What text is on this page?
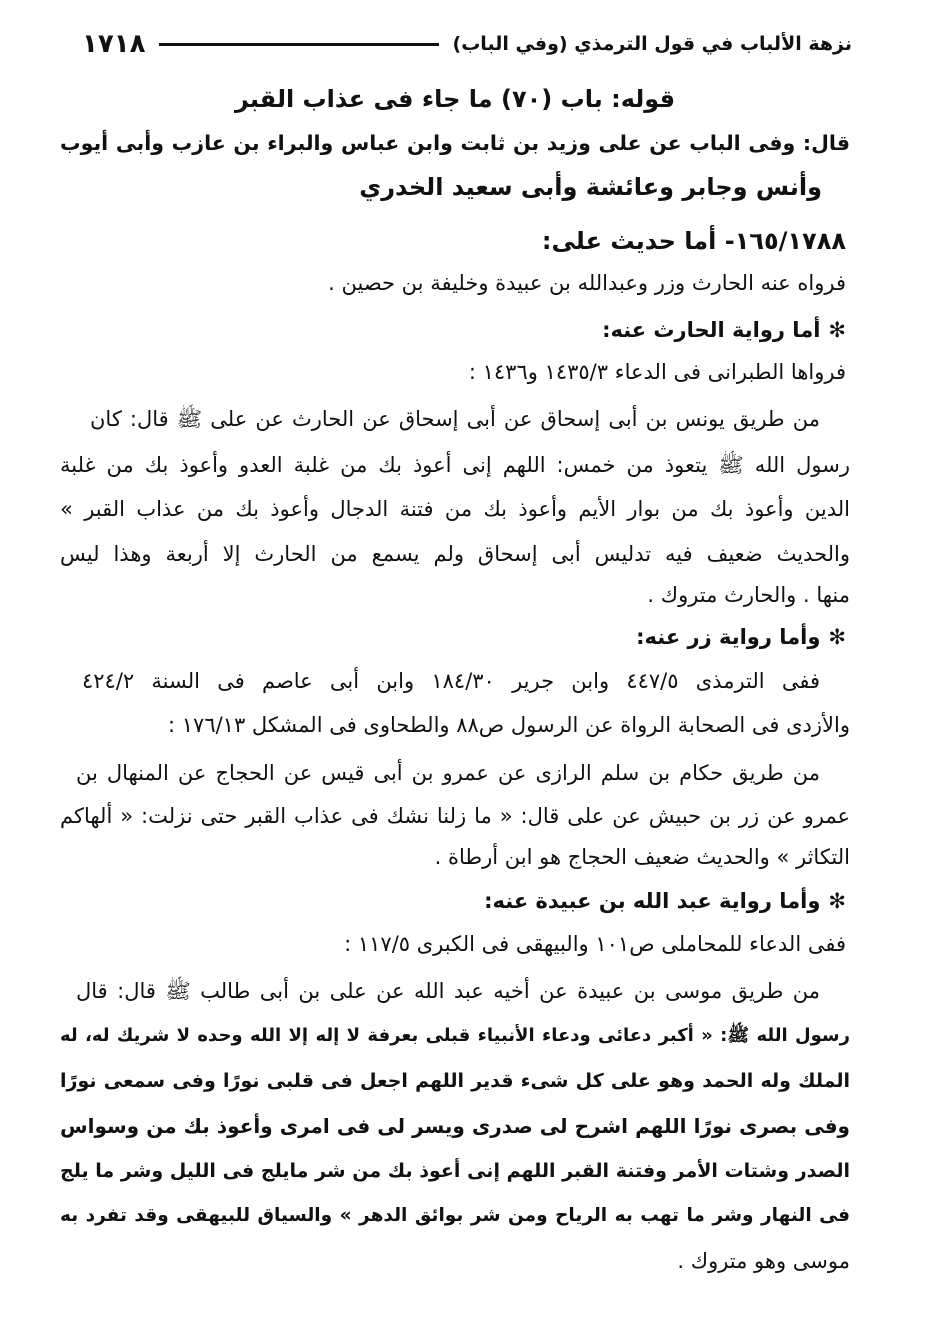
نزهة الألباب في قول الترمذي (وفي الباب)
١٧١٨
قوله: باب (٧٠) ما جاء فى عذاب القبر
قال: وفى الباب عن على وزيد بن ثابت وابن عباس والبراء بن عازب وأبى أيوب
وأنس وجابر وعائشة وأبى سعيد الخدري
١٦٥/١٧٨٨- أما حديث على:
فرواه عنه الحارث وزر وعبدالله بن عبيدة وخليفة بن حصين .
✻أما رواية الحارث عنه:
فرواها الطبرانى فى الدعاء ١٤٣٥/٣ و١٤٣٦ :
من طريق يونس بن أبى إسحاق عن أبى إسحاق عن الحارث عن على ﷺ قال: كان
رسول الله ﷺ يتعوذ من خمس: اللهم إنى أعوذ بك من غلبة العدو وأعوذ بك من غلبة
الدين وأعوذ بك من بوار الأيم وأعوذ بك من فتنة الدجال وأعوذ بك من عذاب القبر »
والحديث ضعيف فيه تدليس أبى إسحاق ولم يسمع من الحارث إلا أربعة وهذا ليس
منها . والحارث متروك .
✻وأما رواية زر عنه:
ففى الترمذى ٤٤٧/٥ وابن جرير ١٨٤/٣٠ وابن أبى عاصم فى السنة ٤٢٤/٢
والأزدى فى الصحابة الرواة عن الرسول ص٨٨ والطحاوى فى المشكل ١٧٦/١٣ :
من طريق حكام بن سلم الرازى عن عمرو بن أبى قيس عن الحجاج عن المنهال بن
عمرو عن زر بن حبيش عن على قال: « ما زلنا نشك فى عذاب القبر حتى نزلت: « ألهاكم
التكاثر » والحديث ضعيف الحجاج هو ابن أرطاة .
✻وأما رواية عبد الله بن عبيدة عنه:
ففى الدعاء للمحاملى ص١٠١ والبيهقى فى الكبرى ١١٧/٥ :
من طريق موسى بن عبيدة عن أخيه عبد الله عن على بن أبى طالب ﷺ قال: قال
رسول الله ﷺ: « أكبر دعائى ودعاء الأنبياء قبلى بعرفة لا إله إلا الله وحده لا شريك له، له
الملك وله الحمد وهو على كل شىء قدير اللهم اجعل فى قلبى نورًا وفى سمعى نورًا
وفى بصرى نورًا اللهم اشرح لى صدرى ويسر لى فى امرى وأعوذ بك من وسواس
الصدر وشتات الأمر وفتنة القبر اللهم إنى أعوذ بك من شر مايلج فى الليل وشر ما يلج
فى النهار وشر ما تهب به الرياح ومن شر بوائق الدهر » والسياق للبيهقى وقد تفرد به
موسى وهو متروك .
